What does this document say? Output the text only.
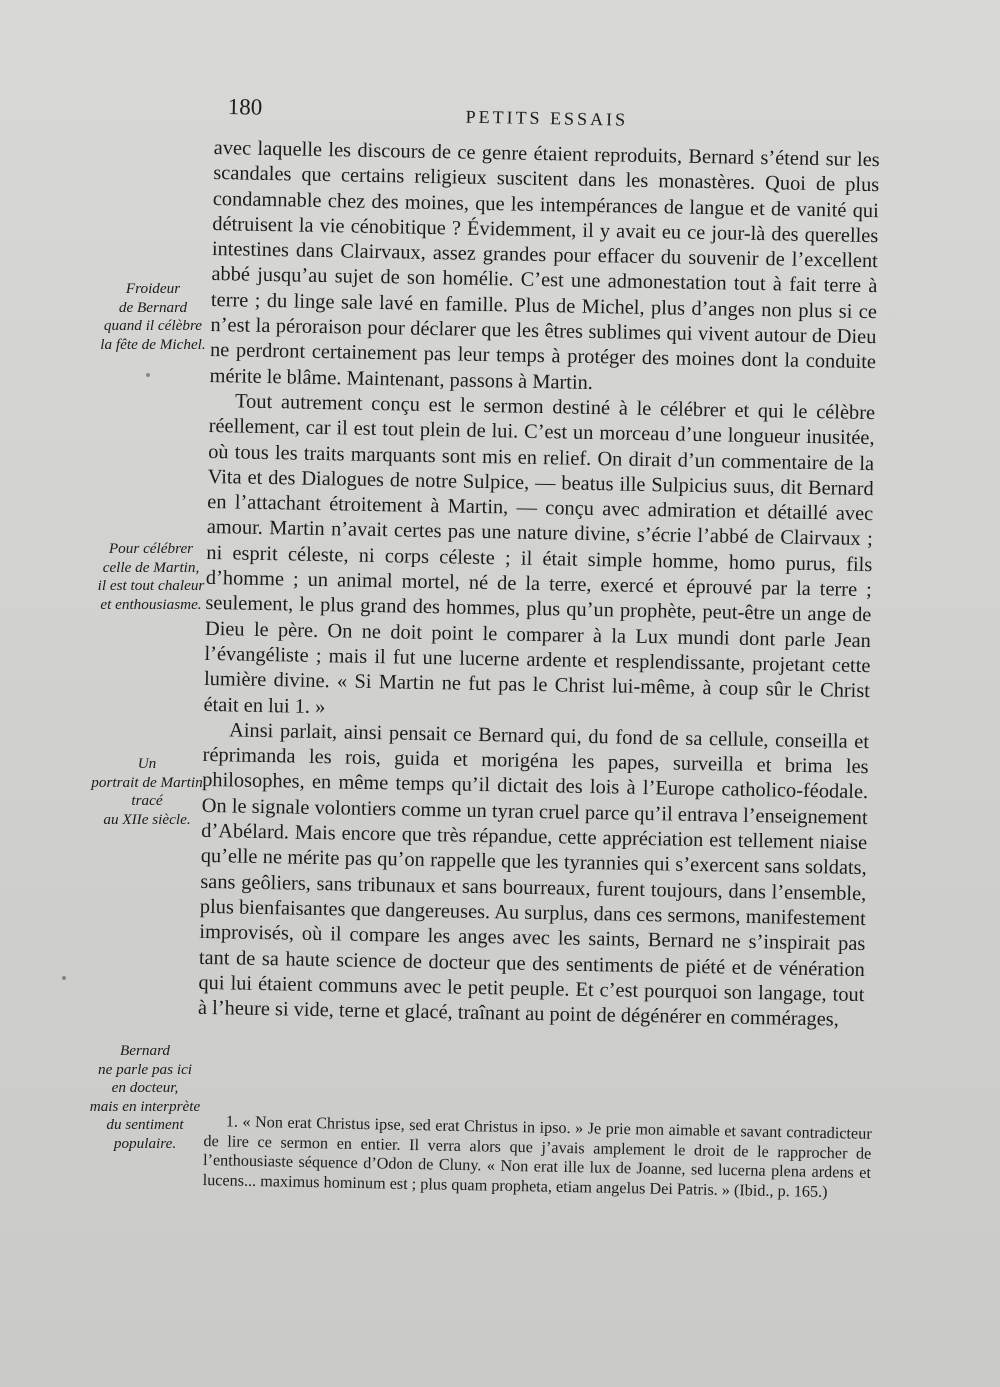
180	PETITS ESSAIS

avec laquelle les discours de ce genre étaient reproduits, Bernard s’étend sur les scandales que certains religieux suscitent dans les monastères. Quoi de plus condamnable chez des moines, que les intempérances de langue et de vanité qui détruisent la vie cénobitique ? Évidemment, il y avait eu ce jour-là des querelles intestines dans Clairvaux, assez grandes pour effacer du souvenir de l’excellent abbé jusqu’au sujet de son homélie. C’est une admonestation tout à fait terre à terre ; du linge sale lavé en famille. Plus de Michel, plus d’anges non plus si ce n’est la péroraison pour déclarer que les êtres sublimes qui vivent autour de Dieu ne perdront certainement pas leur temps à protéger des moines dont la conduite mérite le blâme. Maintenant, passons à Martin.

Tout autrement conçu est le sermon destiné à le célébrer et qui le célèbre réellement, car il est tout plein de lui. C’est un morceau d’une longueur inusitée, où tous les traits marquants sont mis en relief. On dirait d’un commentaire de la Vita et des Dialogues de notre Sulpice, — beatus ille Sulpicius suus, dit Bernard en l’attachant étroitement à Martin, — conçu avec admiration et détaillé avec amour. Martin n’avait certes pas une nature divine, s’écrie l’abbé de Clairvaux ; ni esprit céleste, ni corps céleste ; il était simple homme, homo purus, fils d’homme ; un animal mortel, né de la terre, exercé et éprouvé par la terre ; seulement, le plus grand des hommes, plus qu’un prophète, peut-être un ange de Dieu le père. On ne doit point le comparer à la Lux mundi dont parle Jean l’évangéliste ; mais il fut une lucerne ardente et resplendissante, projetant cette lumière divine. « Si Martin ne fut pas le Christ lui-même, à coup sûr le Christ était en lui 1. »

Ainsi parlait, ainsi pensait ce Bernard qui, du fond de sa cellule, conseilla et réprimanda les rois, guida et morigéna les papes, surveilla et brima les philosophes, en même temps qu’il dictait des lois à l’Europe catholico-féodale. On le signale volontiers comme un tyran cruel parce qu’il entrava l’enseignement d’Abélard. Mais encore que très répandue, cette appréciation est tellement niaise qu’elle ne mérite pas qu’on rappelle que les tyrannies qui s’exercent sans soldats, sans geôliers, sans tribunaux et sans bourreaux, furent toujours, dans l’ensemble, plus bienfaisantes que dangereuses. Au surplus, dans ces sermons, manifestement improvisés, où il compare les anges avec les saints, Bernard ne s’inspirait pas tant de sa haute science de docteur que des sentiments de piété et de vénération qui lui étaient communs avec le petit peuple. Et c’est pourquoi son langage, tout à l’heure si vide, terne et glacé, traînant au point de dégénérer en commérages,

1. « Non erat Christus ipse, sed erat Christus in ipso. » Je prie mon aimable et savant contradicteur de lire ce sermon en entier. Il verra alors que j’avais amplement le droit de le rapprocher de l’enthousiaste séquence d’Odon de Cluny. « Non erat ille lux de Joanne, sed lucerna plena ardens et lucens... maximus hominum est ; plus quam propheta, etiam angelus Dei Patris. » (Ibid., p. 165.)

Froideur
de Bernard
quand il célèbre
la fête de Michel.
Pour célébrer
celle de Martin,
il est tout chaleur
et enthousiasme.
Un
portrait de Martin
tracé
au XIIe siècle.
Bernard
ne parle pas ici
en docteur,
mais en interprète
du sentiment
populaire.
